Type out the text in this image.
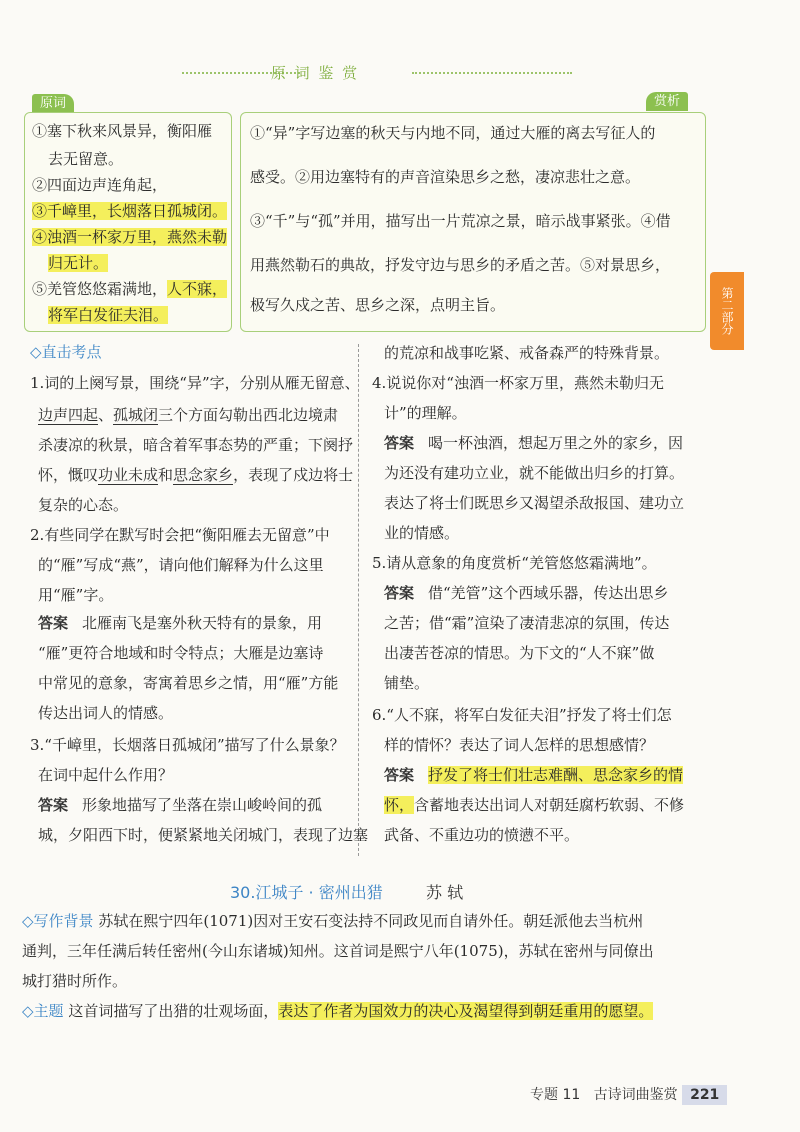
原 词 鉴 赏
原词	赏析
①塞下秋来风景异，衡阳雁
去无留意。
②四面边声连角起，
③千嶂里，长烟落日孤城闭。
④浊酒一杯家万里，燕然未勒
归无计。
⑤羌管悠悠霜满地，人不寐，
将军白发征夫泪。
①“异”字写边塞的秋天与内地不同，通过大雁的离去写征人的
感受。②用边塞特有的声音渲染思乡之愁，凄凉悲壮之意。
③“千”与“孤”并用，描写出一片荒凉之景，暗示战事紧张。④借
用燕然勒石的典故，抒发守边与思乡的矛盾之苦。⑤对景思乡，
极写久戍之苦、思乡之深，点明主旨。	第二部分
◇直击考点
1.词的上阕写景，围绕“异”字，分别从雁无留意、
边声四起、孤城闭三个方面勾勒出西北边境肃
杀凄凉的秋景，暗含着军事态势的严重；下阕抒
怀，慨叹功业未成和思念家乡，表现了戍边将士
复杂的心态。
2.有些同学在默写时会把“衡阳雁去无留意”中
的“雁”写成“燕”，请向他们解释为什么这里
用“雁”字。
答案 北雁南飞是塞外秋天特有的景象，用
“雁”更符合地域和时令特点；大雁是边塞诗
中常见的意象，寄寓着思乡之情，用“雁”方能
传达出词人的情感。
3.“千嶂里，长烟落日孤城闭”描写了什么景象？
在词中起什么作用？
答案 形象地描写了坐落在崇山峻岭间的孤
城，夕阳西下时，便紧紧地关闭城门，表现了边塞
的荒凉和战事吃紧、戒备森严的特殊背景。
4.说说你对“浊酒一杯家万里，燕然未勒归无
计”的理解。
答案 喝一杯浊酒，想起万里之外的家乡，因
为还没有建功立业，就不能做出归乡的打算。
表达了将士们既思乡又渴望杀敌报国、建功立
业的情感。
5.请从意象的角度赏析“羌管悠悠霜满地”。
答案 借“羌管”这个西域乐器，传达出思乡
之苦；借“霜”渲染了凄清悲凉的氛围，传达
出凄苦苍凉的情思。为下文的“人不寐”做
铺垫。
6.“人不寐，将军白发征夫泪”抒发了将士们怎
样的情怀？表达了词人怎样的思想感情？
答案 抒发了将士们壮志难酬、思念家乡的情
怀，含蓄地表达出词人对朝廷腐朽软弱、不修
武备、不重边功的愤懑不平。
30.江城子 · 密州出猎	苏 轼
◇写作背景 苏轼在熙宁四年(1071)因对王安石变法持不同政见而自请外任。朝廷派他去当杭州
通判，三年任满后转任密州(今山东诸城)知州。这首词是熙宁八年(1075)，苏轼在密州与同僚出
城打猎时所作。
◇主题 这首词描写了出猎的壮观场面，表达了作者为国效力的决心及渴望得到朝廷重用的愿望。
专题 11 古诗词曲鉴赏 221
